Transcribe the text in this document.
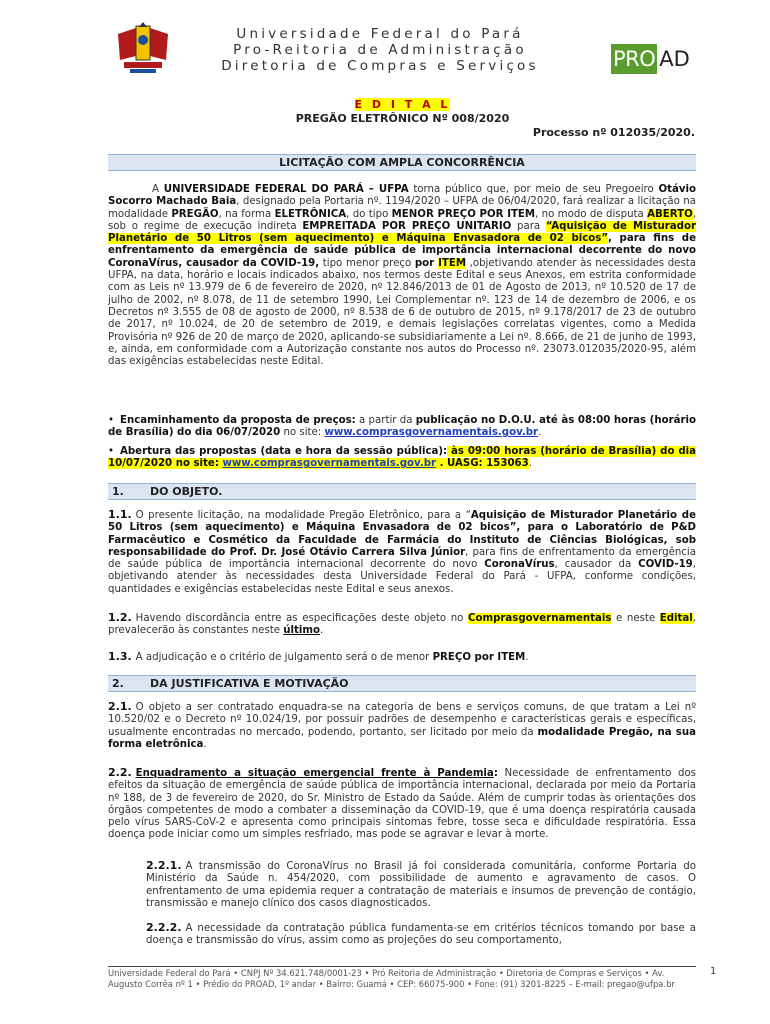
Universidade Federal do Pará
Pro-Reitoria de Administração
Diretoria de Compras e Serviços	PRO AD
E D I T A L
PREGÃO ELETRÔNICO Nº 008/2020
Processo nº 012035/2020.
LICITAÇÃO COM AMPLA CONCORRÊNCIA
A UNIVERSIDADE FEDERAL DO PARÁ – UFPA torna público que, por meio de seu Pregoeiro Otávio Socorro Machado Baia, designado pela Portaria nº. 1194/2020 – UFPA de 06/04/2020, fará realizar a licitação na modalidade PREGÃO, na forma ELETRÔNICA, do tipo MENOR PREÇO POR ITEM, no modo de disputa ABERTO, sob o regime de execução indireta EMPREITADA POR PREÇO UNITARIO para “Aquisição de Misturador Planetário de 50 Litros (sem aquecimento) e Máquina Envasadora de 02 bicos”, para fins de enfrentamento da emergência de saúde pública de importância internacional decorrente do novo CoronaVírus, causador da COVID-19, tipo menor preço por ITEM ,objetivando atender às necessidades desta UFPA, na data, horário e locais indicados abaixo, nos termos deste Edital e seus Anexos, em estrita conformidade com as Leis nº 13.979 de 6 de fevereiro de 2020, nº 12.846/2013 de 01 de Agosto de 2013, nº 10.520 de 17 de julho de 2002, nº 8.078, de 11 de setembro 1990, Lei Complementar nº. 123 de 14 de dezembro de 2006, e os Decretos nº 3.555 de 08 de agosto de 2000, nº 8.538 de 6 de outubro de 2015, nº 9.178/2017 de 23 de outubro de 2017, nº 10.024, de 20 de setembro de 2019, e demais legislações correlatas vigentes, como a Medida Provisória nº 926 de 20 de março de 2020, aplicando-se subsidiariamente a Lei nº. 8.666, de 21 de junho de 1993, e, ainda, em conformidade com a Autorização constante nos autos do Processo nº. 23073.012035/2020-95, além das exigências estabelecidas neste Edital.
• Encaminhamento da proposta de preços: a partir da publicação no D.O.U. até às 08:00 horas (horário de Brasília) do dia 06/07/2020 no site: www.comprasgovernamentais.gov.br.
• Abertura das propostas (data e hora da sessão pública): às 09:00 horas (horário de Brasília) do dia 10/07/2020 no site: www.comprasgovernamentais.gov.br . UASG: 153063.
1. DO OBJETO.
1.1. O presente licitação, na modalidade Pregão Eletrônico, para a “Aquisição de Misturador Planetário de 50 Litros (sem aquecimento) e Máquina Envasadora de 02 bicos”, para o Laboratório de P&D Farmacêutico e Cosmético da Faculdade de Farmácia do Instituto de Ciências Biológicas, sob responsabilidade do Prof. Dr. José Otávio Carrera Silva Júnior, para fins de enfrentamento da emergência de saúde pública de importância internacional decorrente do novo CoronaVírus, causador da COVID-19, objetivando atender às necessidades desta Universidade Federal do Pará - UFPA, conforme condições, quantidades e exigências estabelecidas neste Edital e seus anexos.
1.2. Havendo discordância entre as especificações deste objeto no Comprasgovernamentais e neste Edital, prevalecerão às constantes neste último.
1.3. A adjudicação e o critério de julgamento será o de menor PREÇO por ITEM.
2. DA JUSTIFICATIVA E MOTIVAÇÃO
2.1. O objeto a ser contratado enquadra-se na categoria de bens e serviços comuns, de que tratam a Lei nº 10.520/02 e o Decreto nº 10.024/19, por possuir padrões de desempenho e características gerais e específicas, usualmente encontradas no mercado, podendo, portanto, ser licitado por meio da modalidade Pregão, na sua forma eletrônica.
2.2. Enquadramento a situação emergencial frente à Pandemia: Necessidade de enfrentamento dos efeitos da situação de emergência de saúde pública de importância internacional, declarada por meio da Portaria nº 188, de 3 de fevereiro de 2020, do Sr. Ministro de Estado da Saúde. Além de cumprir todas às orientações dos órgãos competentes de modo a combater a disseminação da COVID-19, que é uma doença respiratória causada pelo vírus SARS-CoV-2 e apresenta como principais sintomas febre, tosse seca e dificuldade respiratória. Essa doença pode iniciar como um simples resfriado, mas pode se agravar e levar à morte.
2.2.1. A transmissão do CoronaVírus no Brasil já foi considerada comunitária, conforme Portaria do Ministério da Saúde n. 454/2020, com possibilidade de aumento e agravamento de casos. O enfrentamento de uma epidemia requer a contratação de materiais e insumos de prevenção de contágio, transmissão e manejo clínico dos casos diagnosticados.
2.2.2. A necessidade da contratação pública fundamenta-se em critérios técnicos tomando por base a doença e transmissão do vírus, assim como as projeções do seu comportamento,
Universidade Federal do Pará • CNPJ Nº 34.621.748/0001-23 • Pró Reitoria de Administração • Diretoria de Compras e Serviços • Av. Augusto Corrêa nº 1 • Prédio do PROAD, 1º andar • Bairro: Guamá • CEP: 66075-900 • Fone: (91) 3201-8225 – E-mail: pregao@ufpa.br
1
